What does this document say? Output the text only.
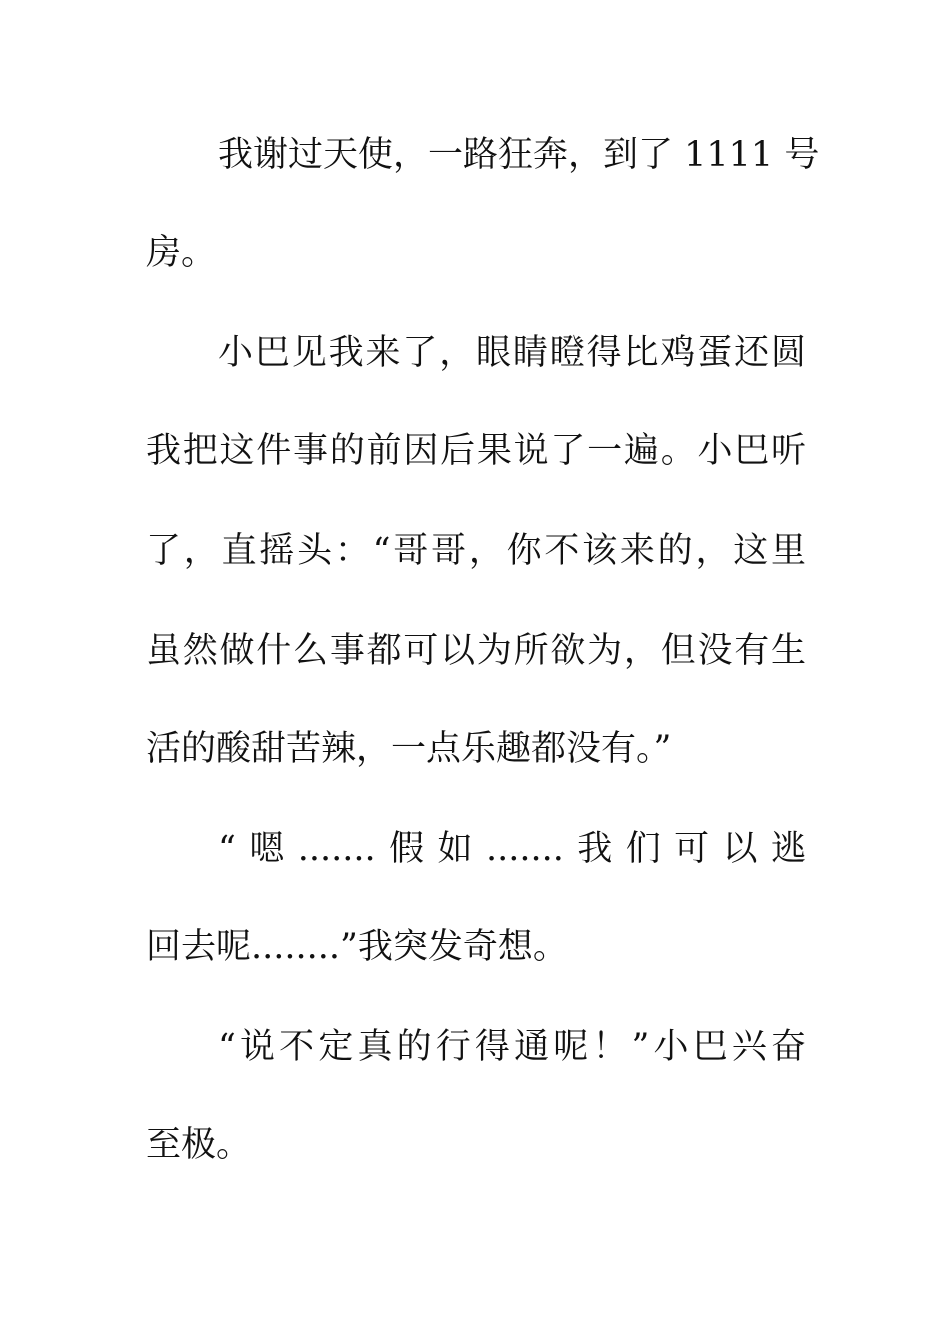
我谢过天使，一路狂奔，到了 1111 号
房。
小巴见我来了，眼睛瞪得比鸡蛋还圆
我把这件事的前因后果说了一遍。小巴听
了，直摇头：“哥哥，你不该来的，这里
虽然做什么事都可以为所欲为，但没有生
活的酸甜苦辣，一点乐趣都没有。”
“嗯.......假如.......我们可以逃
回去呢........”我突发奇想。
“说不定真的行得通呢！”小巴兴奋
至极。
